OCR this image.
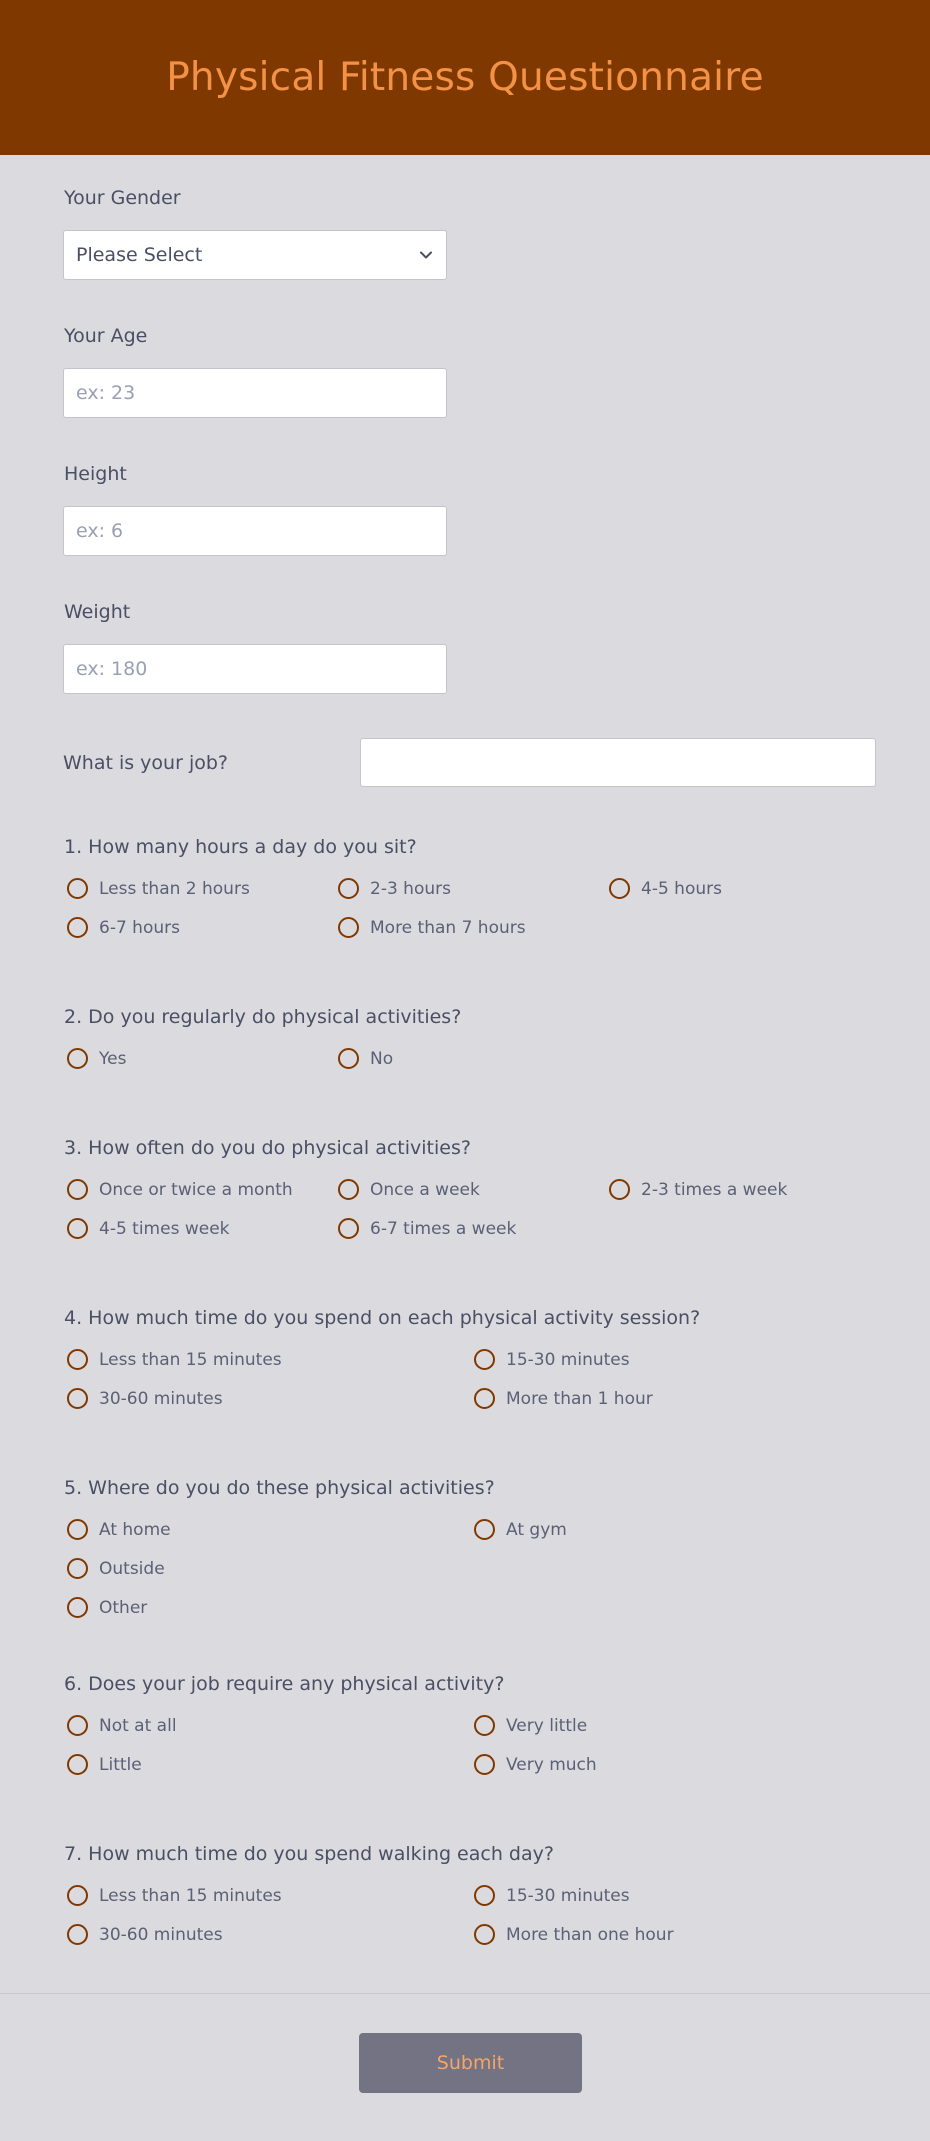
Physical Fitness Questionnaire
Your Gender
Please Select
Your Age
ex: 23
Height
ex: 6
Weight
ex: 180
What is your job?
1. How many hours a day do you sit?
Less than 2 hours	2-3 hours	4-5 hours
6-7 hours	More than 7 hours
2. Do you regularly do physical activities?
Yes	No
3. How often do you do physical activities?
Once or twice a month	Once a week	2-3 times a week
4-5 times week	6-7 times a week
4. How much time do you spend on each physical activity session?
Less than 15 minutes	15-30 minutes
30-60 minutes	More than 1 hour
5. Where do you do these physical activities?
At home	At gym
Outside
Other
6. Does your job require any physical activity?
Not at all	Very little
Little	Very much
7. How much time do you spend walking each day?
Less than 15 minutes	15-30 minutes
30-60 minutes	More than one hour
Submit
